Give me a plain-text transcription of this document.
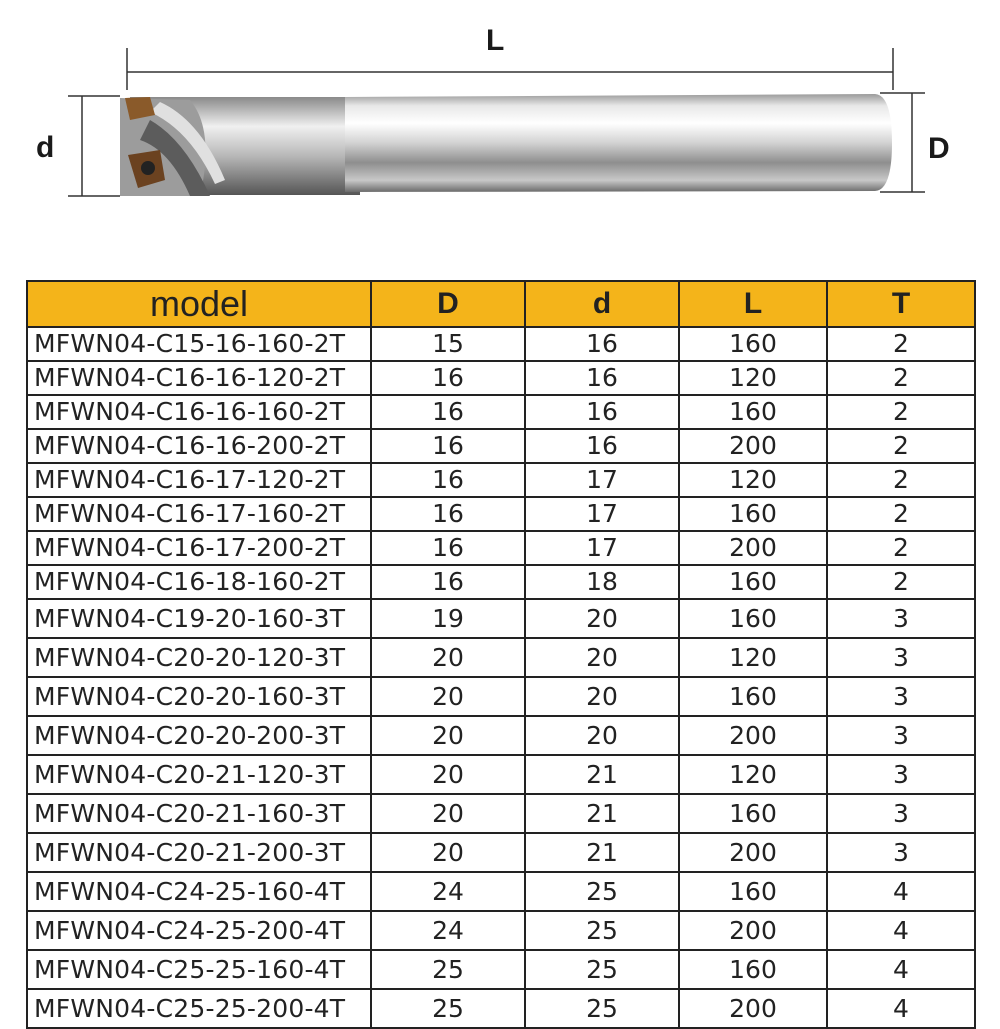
L
d	D
model	D	d	L	T
MFWN04-C15-16-160-2T	15	16	160	2
MFWN04-C16-16-120-2T	16	16	120	2
MFWN04-C16-16-160-2T	16	16	160	2
MFWN04-C16-16-200-2T	16	16	200	2
MFWN04-C16-17-120-2T	16	17	120	2
MFWN04-C16-17-160-2T	16	17	160	2
MFWN04-C16-17-200-2T	16	17	200	2
MFWN04-C16-18-160-2T	16	18	160	2
MFWN04-C19-20-160-3T	19	20	160	3
MFWN04-C20-20-120-3T	20	20	120	3
MFWN04-C20-20-160-3T	20	20	160	3
MFWN04-C20-20-200-3T	20	20	200	3
MFWN04-C20-21-120-3T	20	21	120	3
MFWN04-C20-21-160-3T	20	21	160	3
MFWN04-C20-21-200-3T	20	21	200	3
MFWN04-C24-25-160-4T	24	25	160	4
MFWN04-C24-25-200-4T	24	25	200	4
MFWN04-C25-25-160-4T	25	25	160	4
MFWN04-C25-25-200-4T	25	25	200	4
